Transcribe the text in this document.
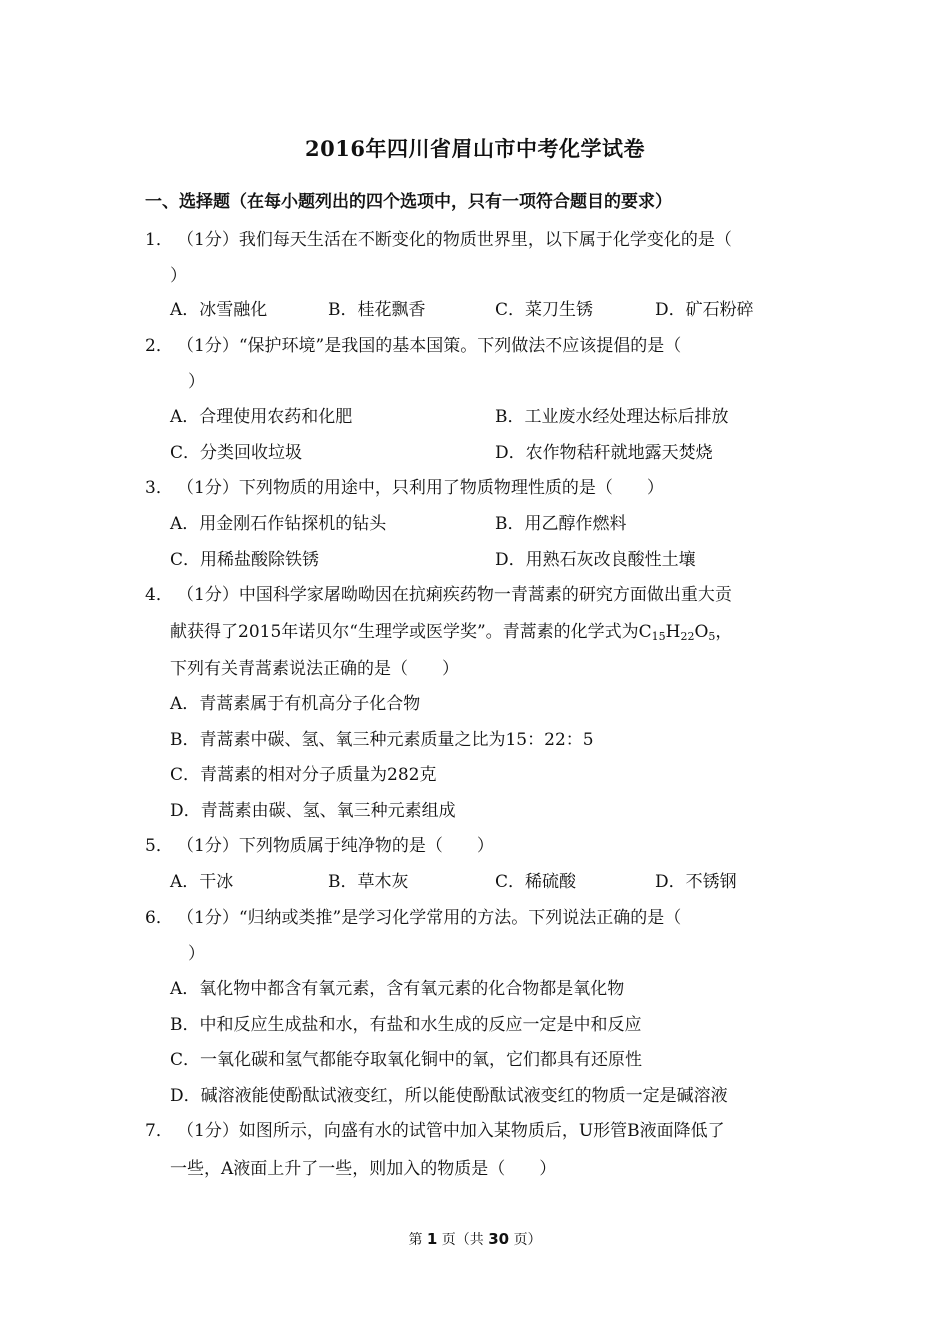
2016年四川省眉山市中考化学试卷
一、选择题（在每小题列出的四个选项中，只有一项符合题目的要求）
1． （1分）我们每天生活在不断变化的物质世界里，以下属于化学变化的是（
）
A．冰雪融化	B．桂花飘香	C．菜刀生锈	D．矿石粉碎
2． （1分）“保护环境”是我国的基本国策。下列做法不应该提倡的是（
）
A．合理使用农药和化肥	B．工业废水经处理达标后排放
C．分类回收垃圾	D．农作物秸秆就地露天焚烧
3． （1分）下列物质的用途中，只利用了物质物理性质的是（　　）
A．用金刚石作钻探机的钻头	B．用乙醇作燃料
C．用稀盐酸除铁锈	D．用熟石灰改良酸性土壤
4． （1分）中国科学家屠呦呦因在抗痢疾药物一青蒿素的研究方面做出重大贡
献获得了2015年诺贝尔“生理学或医学奖”。青蒿素的化学式为$C_{15}H_{22}O_5$，
下列有关青蒿素说法正确的是（　　）
A．青蒿素属于有机高分子化合物
B．青蒿素中碳、氢、氧三种元素质量之比为15：22：5
C．青蒿素的相对分子质量为282克
D．青蒿素由碳、氢、氧三种元素组成
5． （1分）下列物质属于纯净物的是（　　）
A．干冰	B．草木灰	C．稀硫酸	D．不锈钢
6． （1分）“归纳或类推”是学习化学常用的方法。下列说法正确的是（
）
A．氧化物中都含有氧元素，含有氧元素的化合物都是氧化物
B．中和反应生成盐和水，有盐和水生成的反应一定是中和反应
C．一氧化碳和氢气都能夺取氧化铜中的氧，它们都具有还原性
D．碱溶液能使酚酞试液变红，所以能使酚酞试液变红的物质一定是碱溶液
7． （1分）如图所示，向盛有水的试管中加入某物质后，U形管B液面降低了
一些，A液面上升了一些，则加入的物质是（　　）
第 1 页（共 30 页）
